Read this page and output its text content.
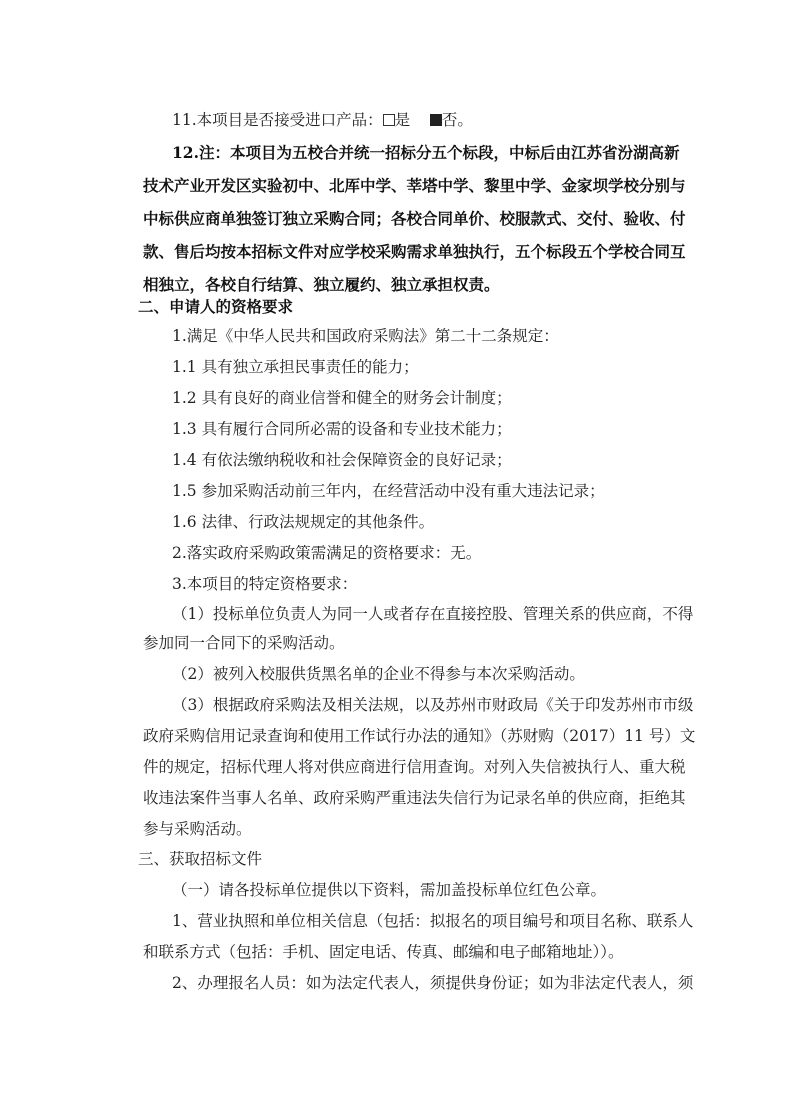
11.本项目是否接受进口产品： 是 否。
12.注：本项目为五校合并统一招标分五个标段，中标后由江苏省汾湖高新
技术产业开发区实验初中、北厍中学、莘塔中学、黎里中学、金家坝学校分别与
中标供应商单独签订独立采购合同；各校合同单价、校服款式、交付、验收、付
款、售后均按本招标文件对应学校采购需求单独执行，五个标段五个学校合同互
相独立，各校自行结算、独立履约、独立承担权责。
二、申请人的资格要求
1.满足《中华人民共和国政府采购法》第二十二条规定：
1.1 具有独立承担民事责任的能力；
1.2 具有良好的商业信誉和健全的财务会计制度；
1.3 具有履行合同所必需的设备和专业技术能力；
1.4 有依法缴纳税收和社会保障资金的良好记录；
1.5 参加采购活动前三年内，在经营活动中没有重大违法记录；
1.6 法律、行政法规规定的其他条件。
2.落实政府采购政策需满足的资格要求：无。
3.本项目的特定资格要求：
（1）投标单位负责人为同一人或者存在直接控股、管理关系的供应商，不得
参加同一合同下的采购活动。
（2）被列入校服供货黑名单的企业不得参与本次采购活动。
（3）根据政府采购法及相关法规，以及苏州市财政局《关于印发苏州市市级
政府采购信用记录查询和使用工作试行办法的通知》（苏财购（2017）11 号）文
件的规定，招标代理人将对供应商进行信用查询。对列入失信被执行人、重大税
收违法案件当事人名单、政府采购严重违法失信行为记录名单的供应商，拒绝其
参与采购活动。
三、获取招标文件
（一）请各投标单位提供以下资料，需加盖投标单位红色公章。
1、营业执照和单位相关信息（包括：拟报名的项目编号和项目名称、联系人
和联系方式（包括：手机、固定电话、传真、邮编和电子邮箱地址））。
2、办理报名人员：如为法定代表人，须提供身份证；如为非法定代表人，须
